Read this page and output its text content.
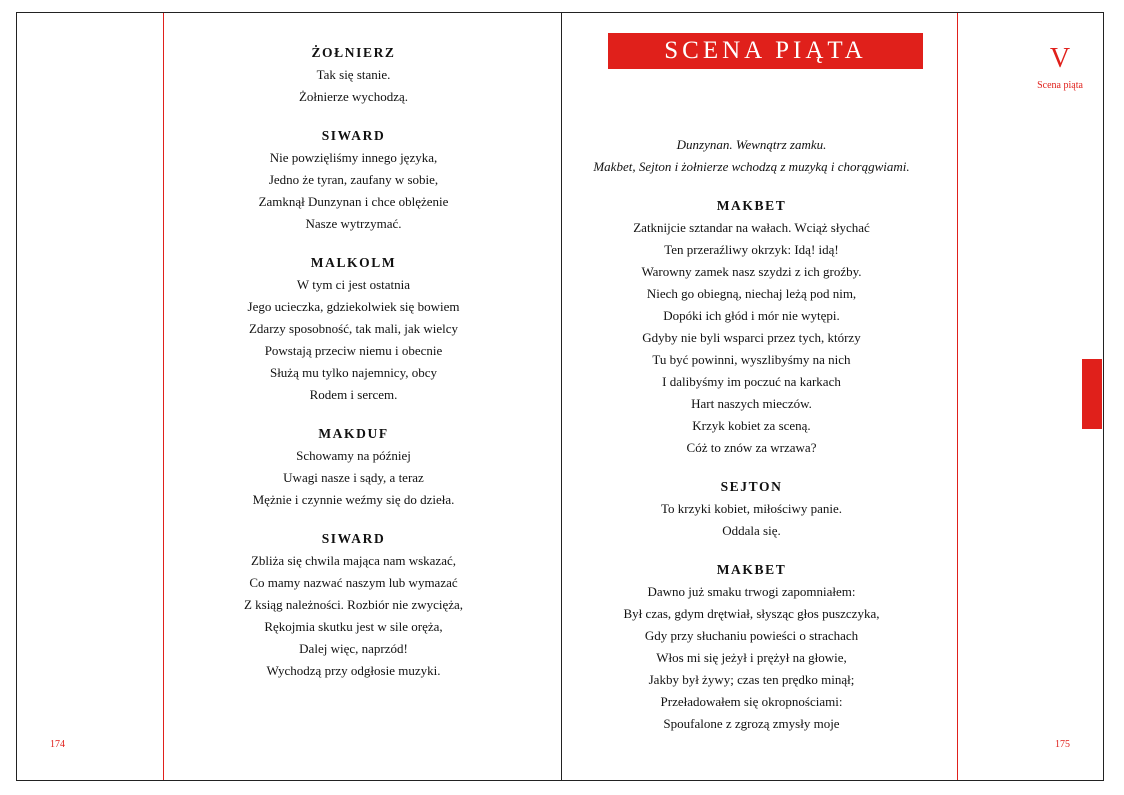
ŻOŁNIERZ
Tak się stanie.
Żołnierze wychodzą.
SIWARD
Nie powzięliśmy innego języka,
Jedno że tyran, zaufany w sobie,
Zamknął Dunzynan i chce oblężenie
Nasze wytrzymać.
MALKOLM
W tym ci jest ostatnia
Jego ucieczka, gdziekolwiek się bowiem
Zdarzy sposobność, tak mali, jak wielcy
Powstają przeciw niemu i obecnie
Służą mu tylko najemnicy, obcy
Rodem i sercem.
MAKDUF
Schowamy na później
Uwagi nasze i sądy, a teraz
Mężnie i czynnie weźmy się do dzieła.
SIWARD
Zbliża się chwila mająca nam wskazać,
Co mamy nazwać naszym lub wymazać
Z ksiąg należności. Rozbiór nie zwycięża,
Rękojmia skutku jest w sile oręża,
Dalej więc, naprzód!
Wychodzą przy odgłosie muzyki.
SCENA PIĄTA	V
Scena piąta
Dunzynan. Wewnątrz zamku.
Makbet, Sejton i żołnierze wchodzą z muzyką i chorągwiami.
MAKBET
Zatknijcie sztandar na wałach. Wciąż słychać
Ten przeraźliwy okrzyk: Idą! idą!
Warowny zamek nasz szydzi z ich groźby.
Niech go obiegną, niechaj leżą pod nim,
Dopóki ich głód i mór nie wytępi.
Gdyby nie byli wsparci przez tych, którzy
Tu być powinni, wyszlibyśmy na nich
I dalibyśmy im poczuć na karkach
Hart naszych mieczów.
Krzyk kobiet za sceną.
Cóż to znów za wrzawa?
SEJTON
To krzyki kobiet, miłościwy panie.
Oddala się.
MAKBET
Dawno już smaku trwogi zapomniałem:
Był czas, gdym drętwiał, słysząc głos puszczyka,
Gdy przy słuchaniu powieści o strachach
Włos mi się jeżył i prężył na głowie,
Jakby był żywy; czas ten prędko minął;
Przeładowałem się okropnościami:
Spoufalone z zgrozą zmysły moje
174	175
